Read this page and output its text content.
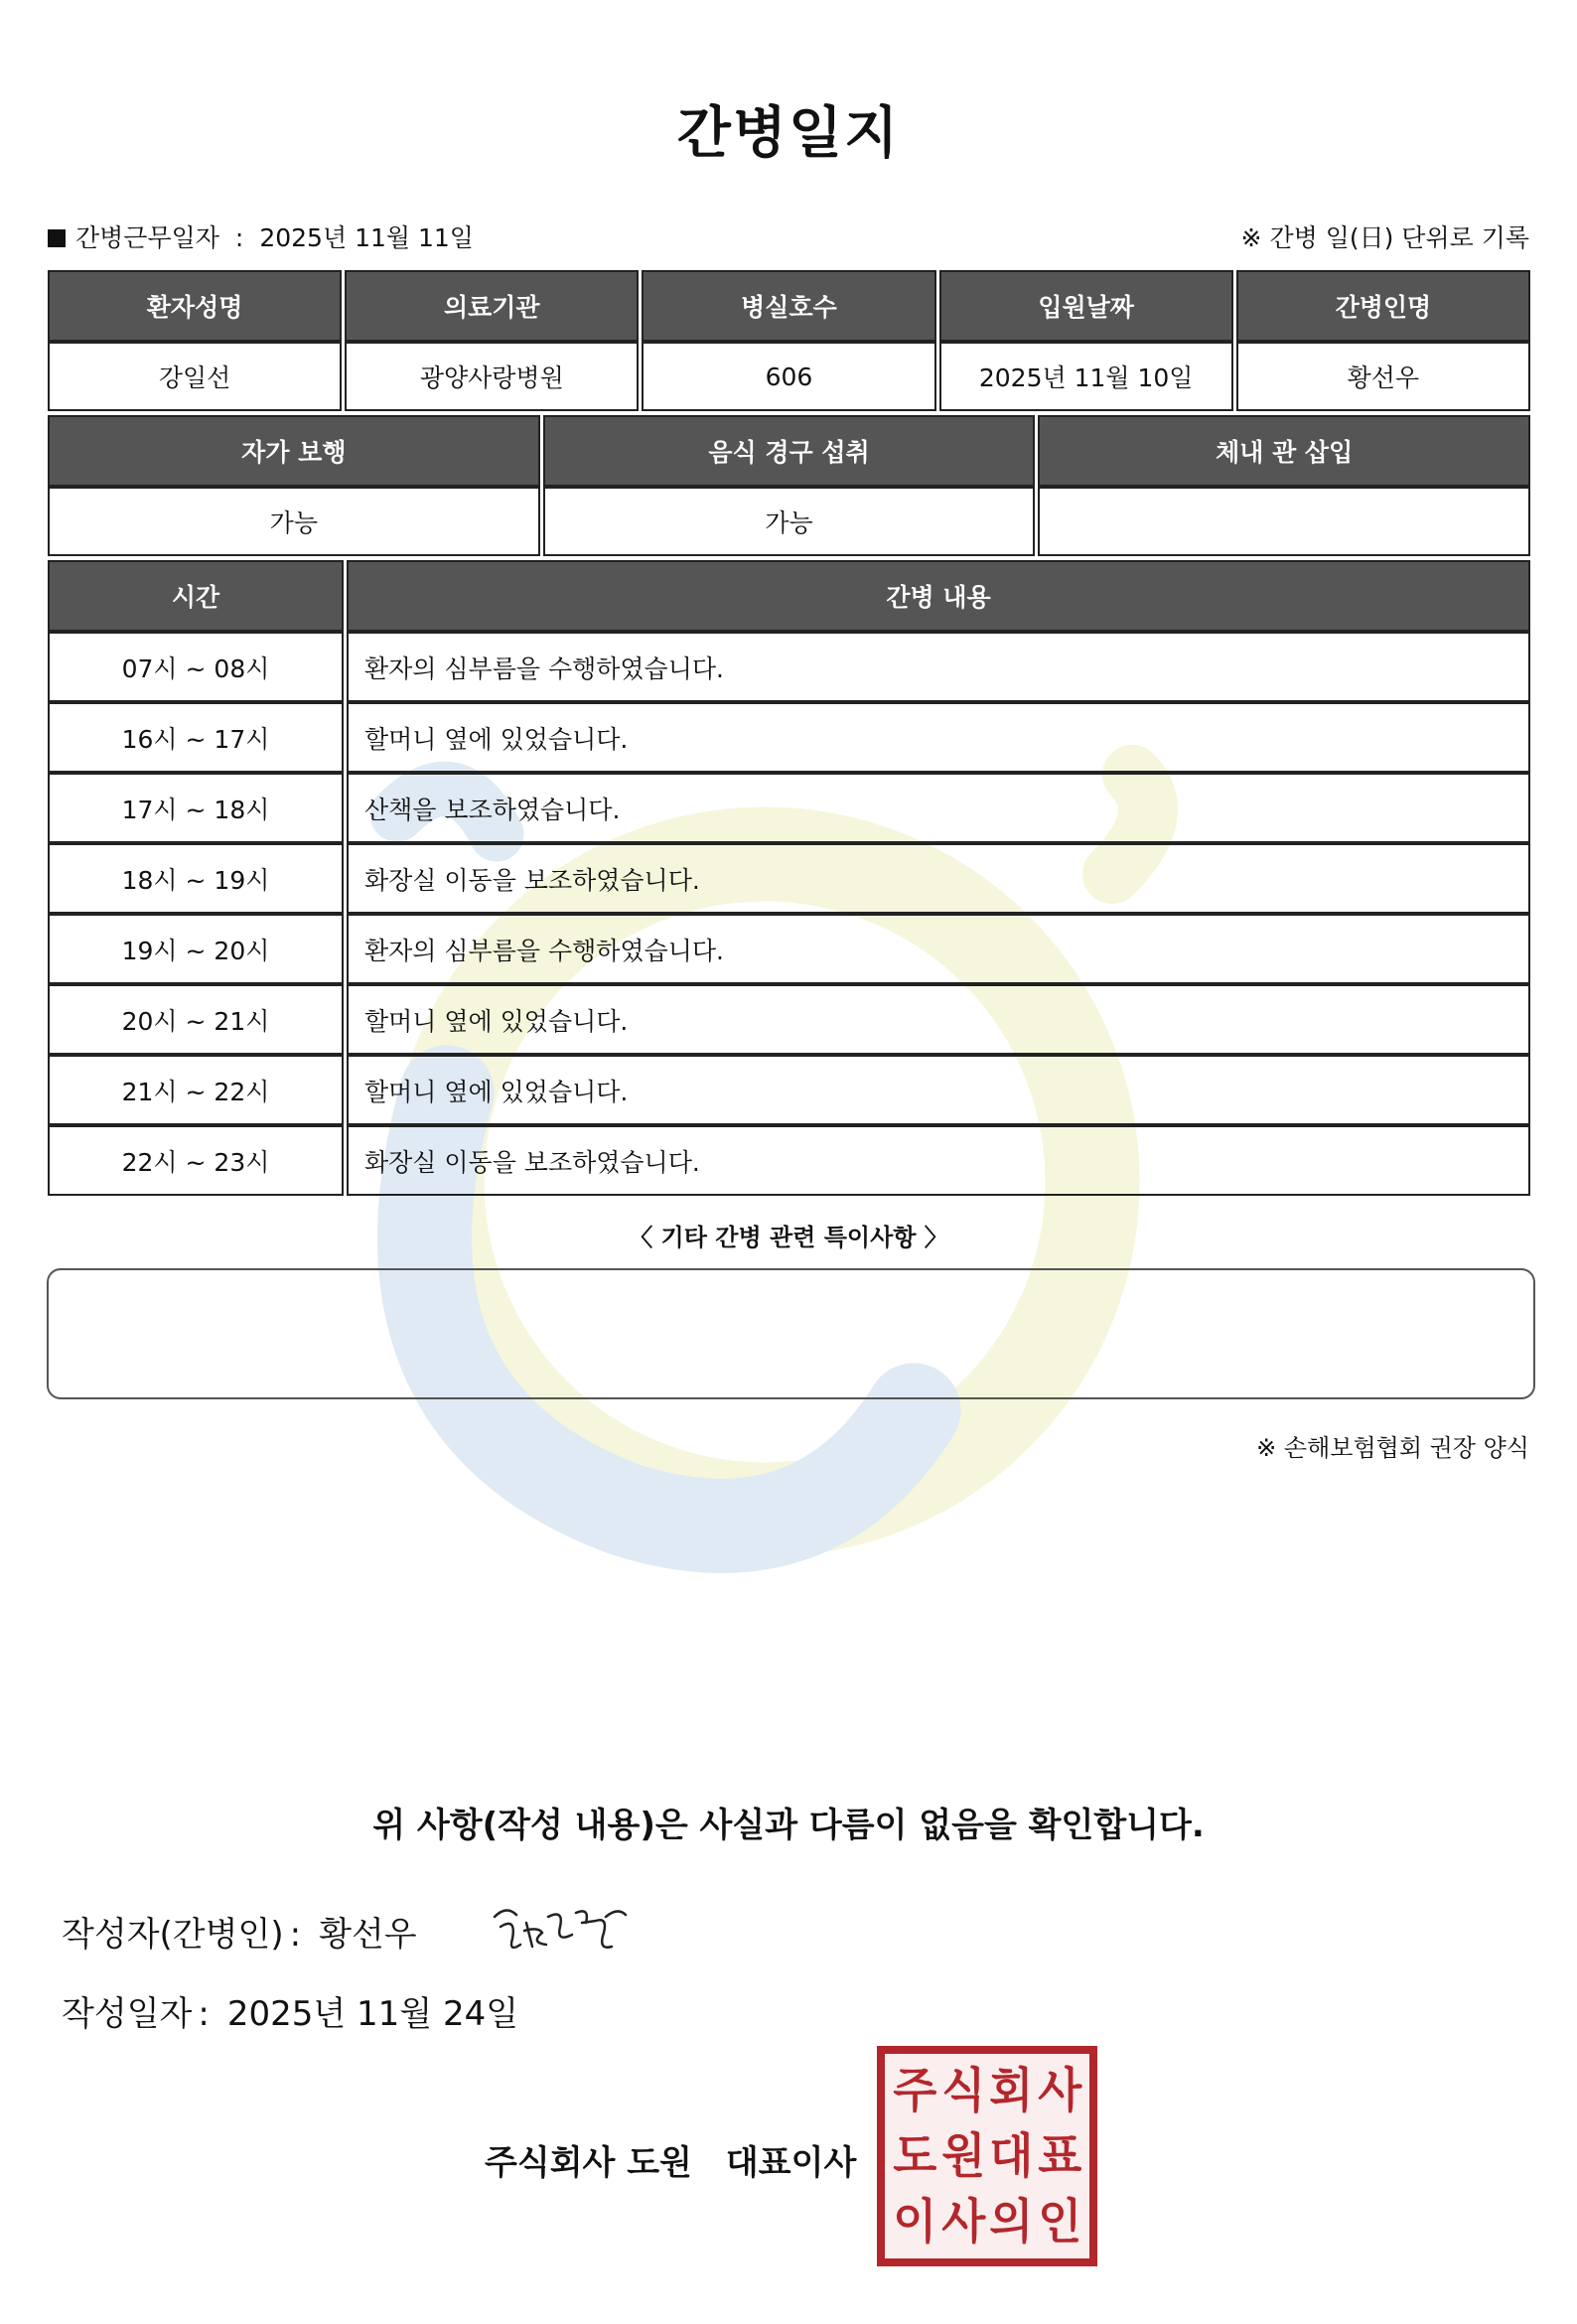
간병일지
간병근무일자 : 2025년 11월 11일	※ 간병 일(日) 단위로 기록
환자성명	의료기관	병실호수	입원날짜	간병인명
강일선	광양사랑병원	606	2025년 11월 10일	황선우
자가 보행	음식 경구 섭취	체내 관 삽입
가능	가능	
시간	간병 내용
07시 ~ 08시	환자의 심부름을 수행하였습니다.
16시 ~ 17시	할머니 옆에 있었습니다.
17시 ~ 18시	산책을 보조하였습니다.
18시 ~ 19시	화장실 이동을 보조하였습니다.
19시 ~ 20시	환자의 심부름을 수행하였습니다.
20시 ~ 21시	할머니 옆에 있었습니다.
21시 ~ 22시	할머니 옆에 있었습니다.
22시 ~ 23시	화장실 이동을 보조하였습니다.
〈 기타 간병 관련 특이사항 〉
※ 손해보험협회 권장 양식
위 사항(작성 내용)은 사실과 다름이 없음을 확인합니다.
작성자(간병인) : 황선우
작성일자 : 2025년 11월 24일
주식회사 도원 대표이사
주 식 회 사
도 원 대 표
이 사 의 인
